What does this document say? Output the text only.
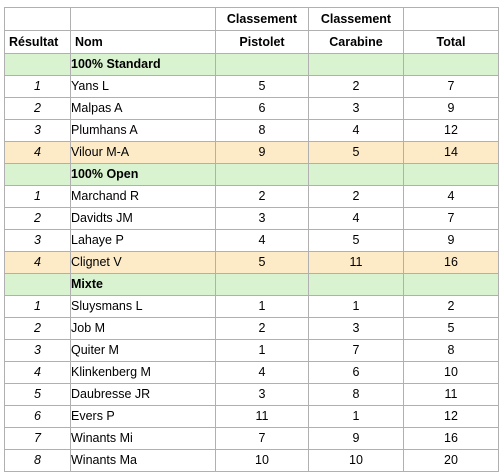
		Classement	Classement	
Résultat	Nom	Pistolet	Carabine	Total
	100% Standard			
1	Yans L	5	2	7
2	Malpas A	6	3	9
3	Plumhans A	8	4	12
4	Vilour M-A	9	5	14
	100% Open			
1	Marchand R	2	2	4
2	Davidts JM	3	4	7
3	Lahaye P	4	5	9
4	Clignet V	5	11	16
	Mixte			
1	Sluysmans L	1	1	2
2	Job M	2	3	5
3	Quiter M	1	7	8
4	Klinkenberg M	4	6	10
5	Daubresse JR	3	8	11
6	Evers P	11	1	12
7	Winants Mi	7	9	16
8	Winants Ma	10	10	20
